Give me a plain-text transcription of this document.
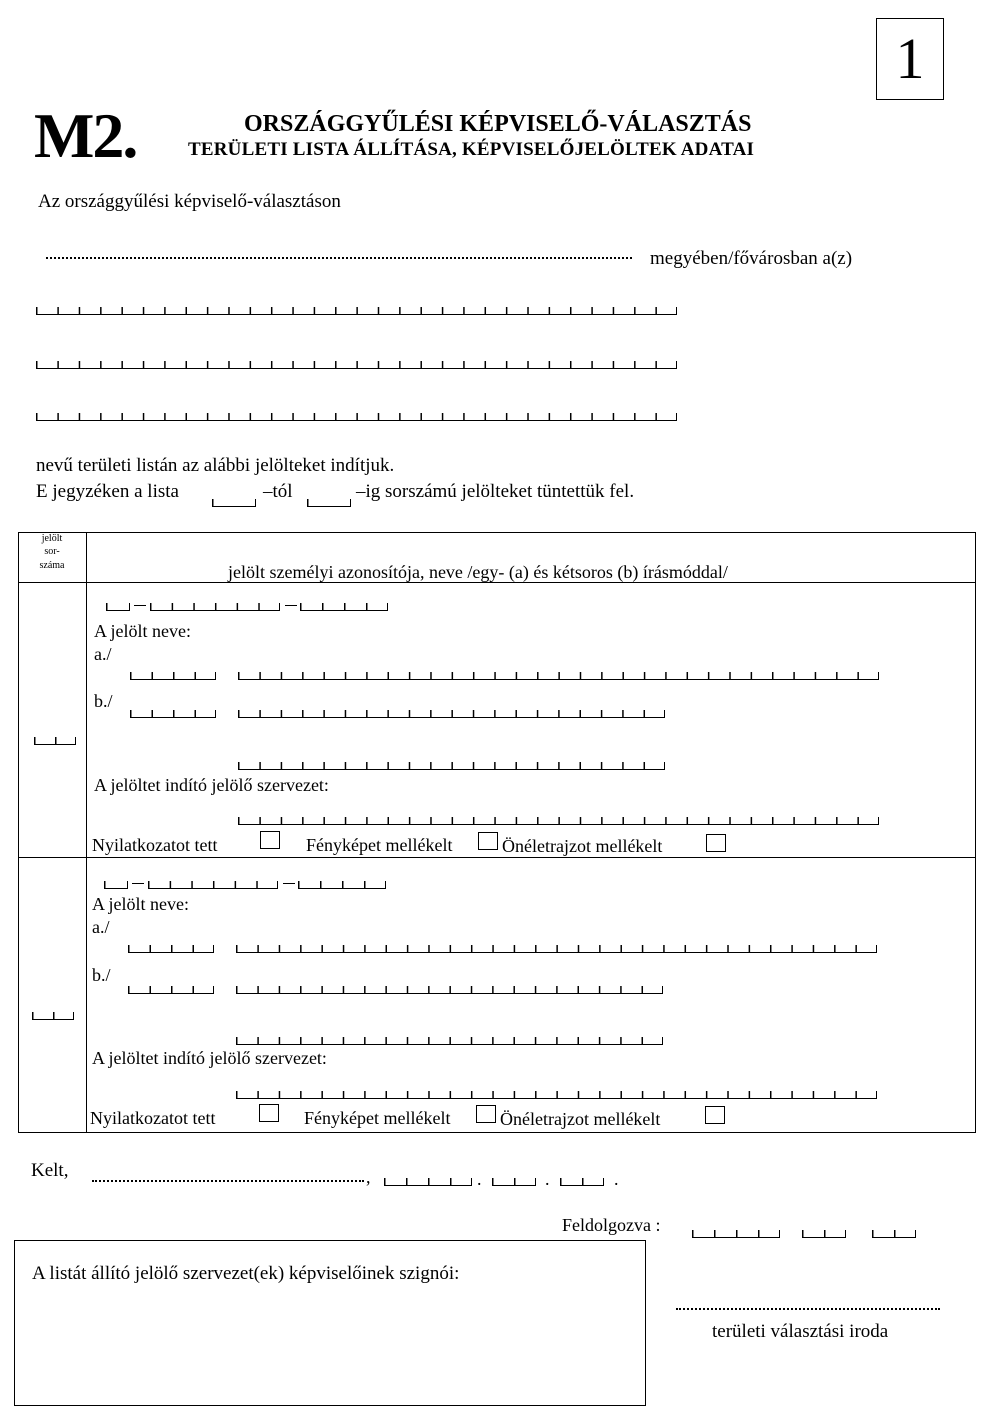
1
M2.	ORSZÁGGYŰLÉSI KÉPVISELŐ-VÁLASZTÁS
TERÜLETI LISTA ÁLLÍTÁSA, KÉPVISELŐJELÖLTEK ADATAI
Az országgyűlési képviselő-választáson
megyében/fővárosban a(z)
nevű területi listán az alábbi jelölteket indítjuk.
E jegyzéken a lista	–tól	–ig sorszámú jelölteket tüntettük fel.
jelölt
sor-
száma	jelölt személyi azonosítója, neve /egy- (a) és kétsoros (b) írásmóddal/
A jelölt neve:
a./
b./
A jelöltet indító jelölő szervezet:
Nyilatkozatot tett	Fényképet mellékelt	Önéletrajzot mellékelt
A jelölt neve:
a./
b./
A jelöltet indító jelölő szervezet:
Nyilatkozatot tett	Fényképet mellékelt	Önéletrajzot mellékelt
Kelt,	,	.	.	.
Feldolgozva :
A listát állító jelölő szervezet(ek) képviselőinek szignói:
területi választási iroda
